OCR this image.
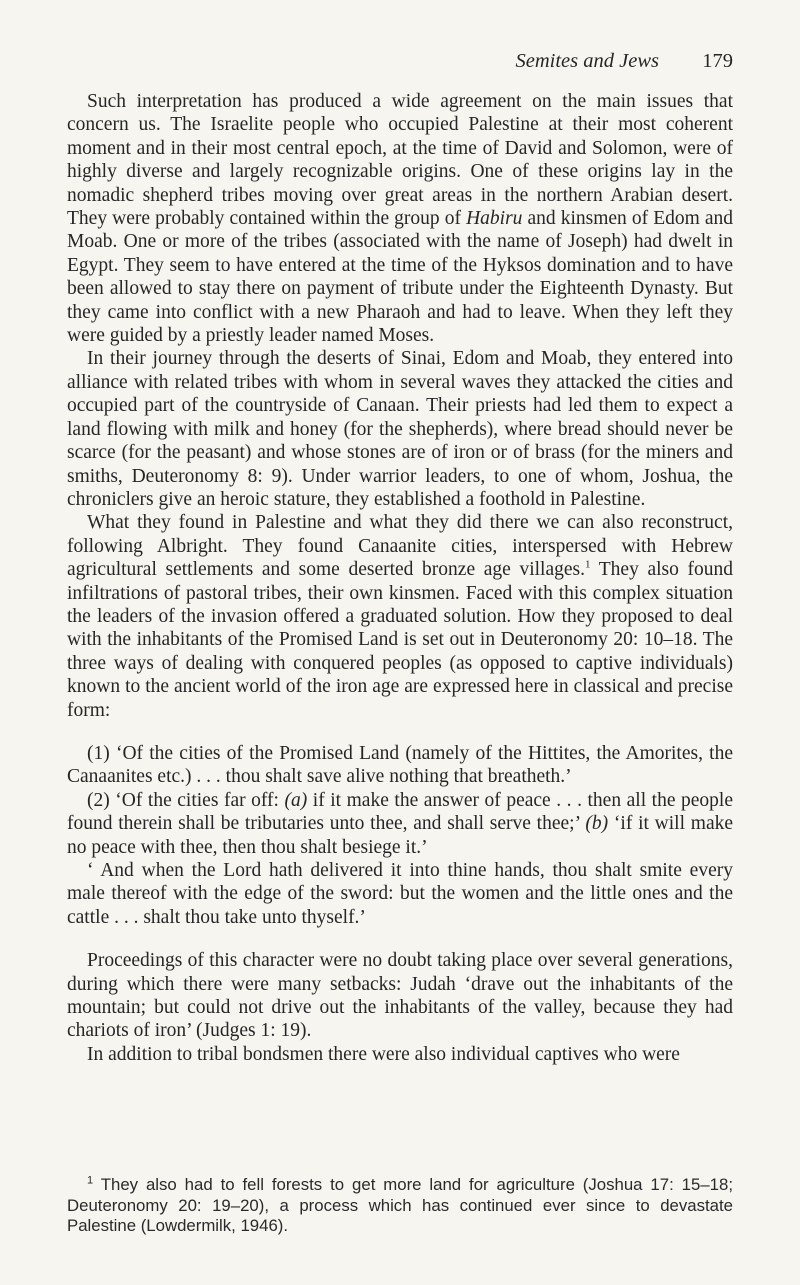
Semites and Jews 179

Such interpretation has produced a wide agreement on the main issues that concern us. The Israelite people who occupied Palestine at their most coherent moment and in their most central epoch, at the time of David and Solomon, were of highly diverse and largely recognizable origins. One of these origins lay in the nomadic shepherd tribes moving over great areas in the northern Arabian desert. They were probably contained within the group of Habiru and kinsmen of Edom and Moab. One or more of the tribes (associated with the name of Joseph) had dwelt in Egypt. They seem to have entered at the time of the Hyksos domination and to have been allowed to stay there on payment of tribute under the Eighteenth Dynasty. But they came into conflict with a new Pharaoh and had to leave. When they left they were guided by a priestly leader named Moses.

In their journey through the deserts of Sinai, Edom and Moab, they entered into alliance with related tribes with whom in several waves they attacked the cities and occupied part of the countryside of Canaan. Their priests had led them to expect a land flowing with milk and honey (for the shepherds), where bread should never be scarce (for the peasant) and whose stones are of iron or of brass (for the miners and smiths, Deuteronomy 8: 9). Under warrior leaders, to one of whom, Joshua, the chroniclers give an heroic stature, they established a foothold in Palestine.

What they found in Palestine and what they did there we can also reconstruct, following Albright. They found Canaanite cities, interspersed with Hebrew agricultural settlements and some deserted bronze age villages.$^1$ They also found infiltrations of pastoral tribes, their own kinsmen. Faced with this complex situation the leaders of the invasion offered a graduated solution. How they proposed to deal with the inhabitants of the Promised Land is set out in Deuteronomy 20: 10–18. The three ways of dealing with conquered peoples (as opposed to captive individuals) known to the ancient world of the iron age are expressed here in classical and precise form:

(1) ‘Of the cities of the Promised Land (namely of the Hittites, the Amorites, the Canaanites etc.) . . . thou shalt save alive nothing that breatheth.’

(2) ‘Of the cities far off: (a) if it make the answer of peace . . . then all the people found therein shall be tributaries unto thee, and shall serve thee;’ (b) ‘if it will make no peace with thee, then thou shalt besiege it.’

‘ And when the Lord hath delivered it into thine hands, thou shalt smite every male thereof with the edge of the sword: but the women and the little ones and the cattle . . . shalt thou take unto thyself.’

Proceedings of this character were no doubt taking place over several generations, during which there were many setbacks: Judah ‘drave out the inhabitants of the mountain; but could not drive out the inhabitants of the valley, because they had chariots of iron’ (Judges 1: 19).

In addition to tribal bondsmen there were also individual captives who were

$^1$ They also had to fell forests to get more land for agriculture (Joshua 17: 15–18; Deuteronomy 20: 19–20), a process which has continued ever since to devastate Palestine (Lowdermilk, 1946).
